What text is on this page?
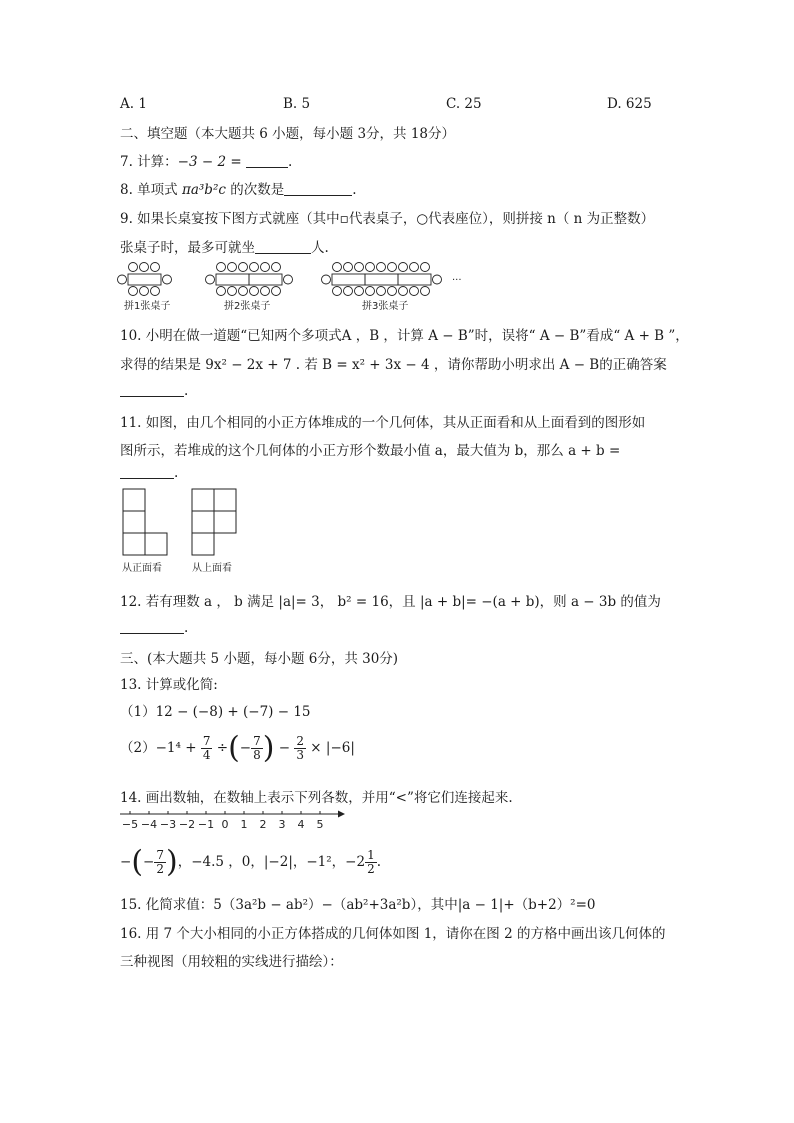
A. 1	B. 5	C. 25	D. 625
二、填空题（本大题共 6 小题，每小题 3分，共 18分）
7. 计算：−3 − 2 =	.
8. 单项式 πa³b²c 的次数是	.
9. 如果长桌宴按下图方式就座（其中▫代表桌子，○代表座位），则拼接 n（ n 为正整数）
张桌子时，最多可就坐	人.
拼1张桌子	拼2张桌子	拼3张桌子
···
10. 小明在做一道题“已知两个多项式A ，B ，计算 A − B”时，误将“ A − B”看成“ A + B ”，
求得的结果是 9x² − 2x + 7 . 若 B = x² + 3x − 4 ，请你帮助小明求出 A − B的正确答案
.
11. 如图，由几个相同的小正方体堆成的一个几何体，其从正面看和从上面看到的图形如
图所示，若堆成的这个几何体的小正方形个数最小值 a，最大值为 b，那么 a + b =
.
从正面看	从上面看
12. 若有理数 a ， b 满足 |a|= 3， b² = 16，且 |a + b|= −(a + b)，则 a − 3b 的值为
.
三、(本大题共 5 小题，每小题 6分，共 30分)
13. 计算或化简:
（1）12 − (−8) + (−7) − 15
$(2)-1^4 + \frac{7}{4}$ ÷(− $\frac{7}{8}$ ) − $\frac{2}{3} \times |-6|$
14. 画出数轴，在数轴上表示下列各数，并用“<”将它们连接起来.
−5 −4 −3 −2 −1 0 1 2 3 4 5
−(− $\frac{7}{2}$ )，−4.5 ，0，|−2|，−1²，$-2 \frac{1}{2}$ .
15. 化简求值：5（3a²b − ab²）−（ab²+3a²b），其中|a − 1|+（b+2）²=0
16. 用 7 个大小相同的小正方体搭成的几何体如图 1，请你在图 2 的方格中画出该几何体的
三种视图（用较粗的实线进行描绘）：
